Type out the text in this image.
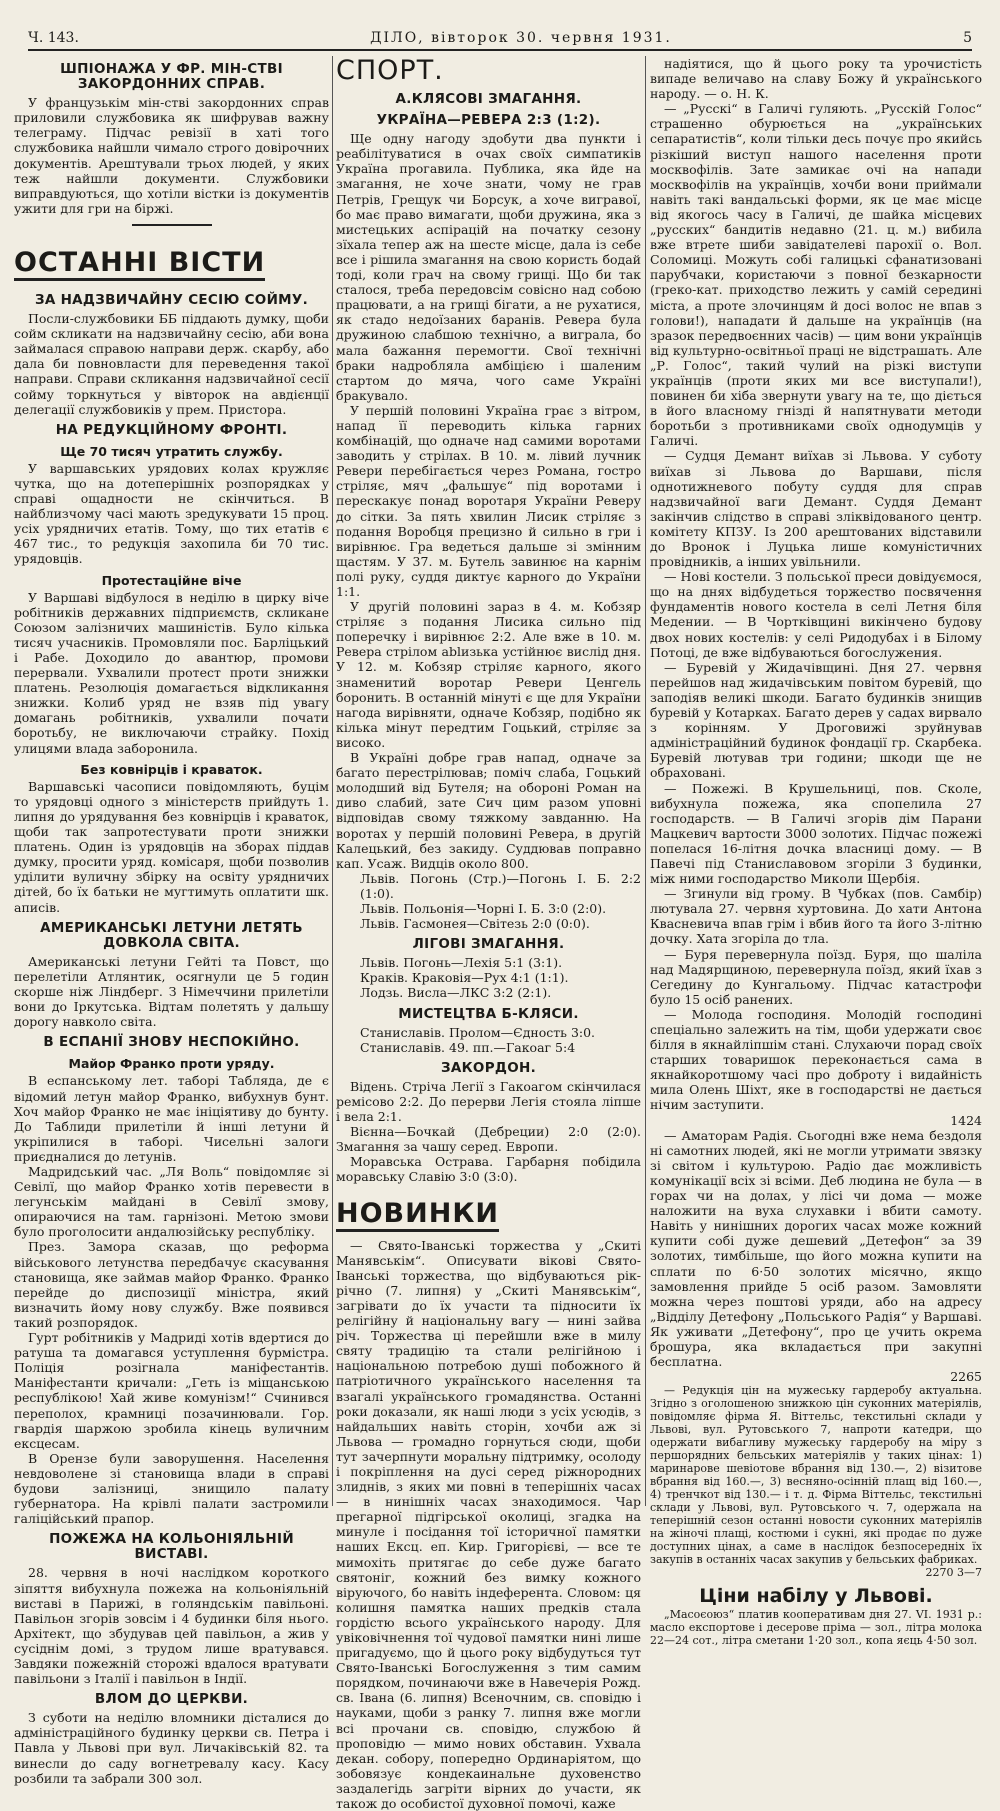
Ч. 143.	ДІЛО, вівторок 30. червня 1931.	5
ШПІОНАЖА У ФР. МІН-СТВІ ЗАКОРДОННИХ СПРАВ.

У французькім мін-стві закордонних справ приловили службовика як шифрував важну телеграму. Підчас ревізії в хаті того службовика найшли чимало строго довірочних документів. Арештували трьох людей, у яких теж найшли документи. Службовики виправдуються, що хотіли вістки із документів ужити для гри на біржі.

ОСТАННІ ВІСТИ
ЗА НАДЗВИЧАЙНУ СЕСІЮ СОЙМУ.

Посли-службовики ББ піддають думку, щоби сойм скликати на надзвичайну сесію, аби вона займалася справою направи держ. скарбу, або дала би повновласти для переведення такої направи. Справи скликання надзвичайної сесії сойму торкнуться у вівторок на авдієнції делегації службовиків у прем. Пристора.

НА РЕДУКЦІЙНОМУ ФРОНТІ.
Ще 70 тисяч утратить службу.

У варшавських урядових колах кружляє чутка, що на дотеперішніх розпорядках у справі ощадности не скінчиться. В найблизчому часі мають зредукувати 15 проц. усіх урядничих етатів. Тому, що тих етатів є 467 тис., то редукція захопила би 70 тис. урядовців.

Протестаційне віче

У Варшаві відбулося в неділю в цирку віче робітників державних підприємств, скликане Союзом залізничих машиністів. Було кілька тисяч учасників. Промовляли пос. Барліцький і Рабе. Доходило до авантюр, промови перервали. Ухвалили протест проти знижки платень. Резолюція домагається відкликання знижки. Колиб уряд не взяв під увагу домагань робітників, ухвалили почати боротьбу, не виключаючи страйку. Похід улицями влада заборонила.

Без ковнірців і краваток.

Варшавські часописи повідомляють, буцім то урядовці одного з міністерств прийдуть 1. липня до урядування без ковнірців і краваток, щоби так запротестувати проти знижки платень. Один із урядовців на зборах піддав думку, просити уряд. комісаря, щоби позволив уділити вуличну збірку на освіту урядничих дітей, бо їх батьки не мугтимуть оплатити шк. аписів.

АМЕРИКАНСЬКІ ЛЕТУНИ ЛЕТЯТЬ ДОВКОЛА СВІТА.

Американські летуни Гейті та Повст, що перелетіли Атлянтик, осягнули це 5 годин скорше ніж Ліндберг. З Німеччини прилетіли вони до Іркутська. Відтам полетять у дальшу дорогу навколо світа.

В ЕСПАНІЇ ЗНОВУ НЕСПОКІЙНО.
Майор Франко проти уряду.

В еспанському лет. таборі Таблядa, де є відомий летун майор Франко, вибухнув бунт. Хоч майор Франко не має ініціятиву до бунту. До Таблиди прилетіли й інші летуни й укріпилися в таборі. Чисельні залоги приєдналися до летунів.

Мадридський час. „Ля Воль“ повідомляє зі Севілї, що майор Франко хотів перевести в легунськім майдані в Севілї змову, опираючися на там. гарнізоні. Метою змови було проголосити андалюзійську республіку.

През. Замора сказав, що реформа військового летунства передбачує скасування становища, яке займав майор Франко. Франко перейде до диспозиції міністра, який визначить йому нову службу. Вже появився такий розпорядок.

Гурт робітників у Мадриді хотів вдертися до ратуша та домагався уступлення бурмістра. Поліція розігнала маніфестантів. Маніфестанти кричали: „Геть із міщанською республікою! Хай живе комунізм!“ Счинився переполох, крамниці позачинювали. Гор. гвардія шаржою зробила кінець вуличним ексцесам.

В Орензе були заворушення. Населення невдоволене зі становища влади в справі будови залізниці, знищило палату губернатора. На крівлі палати застромили галіційський прапор.

ПОЖЕЖА НА КОЛЬОНІЯЛЬНІЙ ВИСТАВІ.

28. червня в ночі наслідком короткого зіпяття вибухнула пожежа на кольоніяльній виставі в Парижі, в голяндськім павільоні. Павільон згорів зовсім і 4 будинки біля нього. Архітект, що збудував цей павільон, а жив у сусіднім домі, з трудом лише вратувався. Завдяки пожежній сторожі вдалося вратувати павільони з Італії і павільон в Індії.

ВЛОМ ДО ЦЕРКВИ.

З суботи на неділю вломники дісталися до адміністраційного будинку церкви св. Петра і Павла у Львові при вул. Личаківській 82. та винесли до саду вогнетревалу касу. Касу розбили та забрали 300 зол.

СПОРТ.
А.КЛЯСОВІ ЗМАГАННЯ.
УКРАЇНА—РЕВЕРА 2:3 (1:2).

Ще одну нагоду здобути два пункти і реабілітуватися в очах своїх симпатиків Україна прогавила. Публика, яка йде на змагання, не хоче знати, чому не грав Петрів, Грещук чи Борсук, а хоче вигравої, бо має право вимагати, щоби дружина, яка з мистецьких аспірацій на початку сезону зїхала тепер аж на шесте місце, дала із себе все і рішила змагання на свою користь бодай тоді, коли грач на свому грищі. Що би так сталося, треба передовсім совісно над собою працювати, а на грищі бігати, а не рухатися, як стадо недоїзаних баранів. Ревера була дружиною слабшою технічно, а виграла, бо мала бажання перемогти. Свої технічні браки надробляла амбіцією і шаленим стартом до мяча, чого саме Україні бракувало.

У першій половині Україна грає з вітром, напад її переводить кілька гарних комбінацій, що одначе над самими воротами заводить у стрілах. В 10. м. лівий лучник Ревери перебігається через Романа, гостро стріляє, мяч „фальшує“ під воротами і перескакує понад воротаря України Реверу до сітки. За пять хвилин Лисик стріляє з подання Воробця прецизно й сильно в гри і вирівнює. Гра ведеться дальше зі змінним щастям. У 37. м. Бутель завинює на карнім полі руку, суддя диктує карного до України 1:1.

У другій половині зараз в 4. м. Кобзяр стріляє з подання Лисика сильно під поперечку і вирівнює 2:2. Але вже в 10. м. Ревера стрілом ablизька устійнює вислід дня. У 12. м. Кобзяр стріляє карного, якого знаменитий воротар Ревери Ценгель боронить. В останній мінуті є ще для України нагода вирівняти, одначе Кобзяр, подібно як кілька мінут передтим Гоцький, стріляє за високо.

В Україні добре грав напад, одначе за багато перестрілював; поміч слаба, Гоцький молодший від Бутеля; на обороні Роман на диво слабий, зате Сич цим разом уповні відповідав свому тяжкому завданню. На воротах у першій половині Ревера, в другій Калецький, без закиду. Суддював поправно кап. Усаж. Видців около 800.

Львів. Погонь (Стр.)—Погонь І. Б. 2:2 (1:0).

Львів. Польонія—Чорні І. Б. 3:0 (2:0).

Львів. Гасмонея—Світезь 2:0 (0:0).

ЛІГОВІ ЗМАГАННЯ.

Львів. Погонь—Лехія 5:1 (3:1).

Краків. Краковія—Рух 4:1 (1:1).

Лодзь. Висла—ЛКС 3:2 (2:1).

МИСТЕЦТВА Б-КЛЯСИ.

Станиславів. Пролом—Єдность 3:0.

Станиславів. 49. пп.—Гакоаг 5:4

ЗАКОРДОН.

Відень. Стріча Легії з Гакоагом скінчилася ремісово 2:2. До перерви Легія стояла ліпше і вела 2:1.

Вієнна—Бочкай (Дебреции) 2:0 (2:0). Змагання за чашу серед. Европи.

Моравська Острава. Гарбарня побідила моравську Славію 3:0 (3:0).

НОВИНКИ

— Свято-Іванські торжества у „Скиті Манявськім“. Описувати вікові Свято-Іванські торжества, що відбуваються рік-річно (7. липня) у „Скиті Манявськім“, загрівати до їх участи та підносити їх релігійну й національну вагу — нині зайва річ. Торжества ці перейшли вже в милу святу традицію та стали релігійною і національною потребою душі побожного й патріотичного українського населення та взагалі українського громадянства. Останні роки доказали, як наші люди з усіх усюдів, з найдальших навіть сторін, хочби аж зі Львова — громадно горнуться сюди, щоби тут зачерпнути моральну підтримку, осолоду і покріплення на дусі серед ріжнородних злиднів, з яких ми повні в теперішніх часах — в нинішніх часах знаходимося. Чар прегарної підгірської околиці, згадка на минуле і посідання тої історичної памятки наших Ексц. еп. Кир. Григорієві, — все те мимохіть притягає до себе дуже багато святоніг, кожний без вимку кожного віруючого, бо навіть індеферента. Словом: ця колишня памятка наших предків стала гордістю всього українського народу. Для увіковічнення тої чудової памятки нині лише пригадуємо, що й цього року відбудуться тут Свято-Іванські Богослуження з тим самим порядком, починаючи вже в Навечерія Рожд. св. Івана (6. липня) Всеночним, св. сповідю і науками, щоби з ранку 7. липня вже могли всі прочани св. сповідю, службою й проповідю — мимо нових обставин. Ухвала декан. собору, попередно Ординаріятом, що зобовязує кондекаинальне духовенство заздалегідь загріти вірних до участи, як також до особистої духовної помочі, кажe

надіятися, що й цього року та урочистість випаде величаво на славу Божу й українського народу. — о. Н. К.

— „Русскі“ в Галичі гуляють. „Русскій Голос“ страшенно обурюється на „українських сепаратистів“, коли тільки десь почує про якийсь різкіший виступ нашого населення проти москвофілів. Зате замикає очі на напади москвофілів на українців, хочби вони приймали навіть такі вандальські форми, як це має місце від якогось часу в Галичі, де шайка місцевих „русских“ бандитів недавно (21. ц. м.) вибила вже втрете шиби завідателеві парохії о. Вол. Соломиці. Можуть собі галицькі сфанатизовані парубчаки, користаючи з повної безкарности (греко-кат. приходство лежить у самій середині міста, а проте злочинцям й досі волос не впав з голови!), нападати й дальше на українців (на зразок передвоєнних часів) — цим вони українців від культурно-освітньої праці не відстрашать. Але „Р. Голос“, такий чулий на різкі виступи українців (проти яких ми все виступали!), повинен би хіба звернути увагу на те, що діється в його власному гнізді й напятнувати методи боротьби з противниками своїх однодумців у Галичі.

— Судця Демант виїхав зі Львова. У суботу виїхав зі Львова до Варшави, після однотижневого побуту суддя для справ надзвичайної ваги Демант. Суддя Демант закінчив слідство в справі зліквідованого центр. комітету КПЗУ. Із 200 арештованих відставили до Вронок і Луцька лише комуністичних провідників, а інших увільнили.

— Нові костели. З польської преси довідуємося, що на днях відбудеться торжество посвячення фундаментів нового костела в селі Летня біля Медении. — В Чортківщині викінчено будову двох нових костелів: у селі Ридодубах і в Білому Потоці, де вже відбуваються богослужения.

— Буревій у Жидачівщині. Дня 27. червня перейшов над жидачівським повітом буревій, що заподіяв великі шкоди. Багато будинків знищив буревій у Котарках. Багато дерев у садах вирвало з корінням. У Дроговижі зруйнував адміністраційний будинок фондації гр. Скарбека. Буревій лютував три години; шкоди ще не обраховані.

— Пожежі. В Крушельниці, пов. Сколе, вибухнула пожежа, яка спопелила 27 господарств. — В Галичі згорів дім Парани Мацкевич вартости 3000 золотих. Підчас пожежі попелася 16-літня дочка власниці дому. — В Павечі під Станиславовом згоріли 3 будинки, між ними господарство Миколи Щербія.

— Згинули від грому. В Чубках (пов. Самбір) лютувала 27. червня хуртовина. До хати Антона Квасневича впав грім і вбив його та його 3-літню дочку. Хата згоріла до тла.

— Буря перевернула поїзд. Буря, що шаліла над Мадярщиною, перевернула поїзд, який їхав з Сегедину до Кунгальому. Підчас катастрофи було 15 осіб ранених.

— Молода господиня. Молодій господині спеціально залежить на тім, щоби удержати своє білля в якнайліпшім стані. Слухаючи порад своїх старших товаришок переконається сама в якнайкоротшому часі про доброту і видайність мила Олень Шіхт, яке в господарстві не дається нічим заступити.

1424

— Аматорам Радія. Сьогодні вже нема бездоля ні самотних людей, які не могли утримати звязку зі світом і культурою. Радіо дає можливість комунікації всіх зі всіми. Деб людина не була — в горах чи на долах, у лісі чи дома — може наложити на вуха слухавки і вбити самоту. Навіть у нинішних дорогих часах може кожний купити собі дуже дешевий „Детефон“ за 39 золотих, тимбільше, що його можна купити на сплати по 6·50 золотих місячно, якщо замовлення прийде 5 осіб разом. Замовляти можна через поштові уряди, або на адресу „Відділу Детефону „Польського Радія“ у Варшаві. Як уживати „Детефону“, про це учить окрема брошура, яка вкладається при закупні бесплатна.

2265

— Редукція цін на мужеську гардеробу актуальна. Згідно з оголошеною знижкою цін суконних матеріялів, повідомляє фірма Я. Віттельс, текстильні склади у Львові, вул. Рутовського 7, напроти катедри, що одержати вибагливу мужеську гардеробу на міру з першорядних бельських матеріялів у таких цінах: 1) маринарове шевіотове вбрання від 130.—, 2) візитове вбрання від 160.—, 3) весняно-осінній плащ від 160.—, 4) тренчкот від 130.— і т. д. Фірма Віттельс, текстильні склади у Львові, вул. Рутовського ч. 7, одержала на теперішній сезон останні новости суконних матеріялів на жіночі плащі, костюми і сукні, які продає по дуже доступних цінах, а саме в наслідок безпосередніх їх закупів в останніх часах закупив у бельських фабриках.

2270 3—7

Ціни набілу у Львові.

„Масоєоюз“ платив кооперативам дня 27. VI. 1931 р.: масло експортове і десерове пріма — зол., літра молока 22—24 сот., літра сметани 1·20 зол., копа яєць 4·50 зол.
